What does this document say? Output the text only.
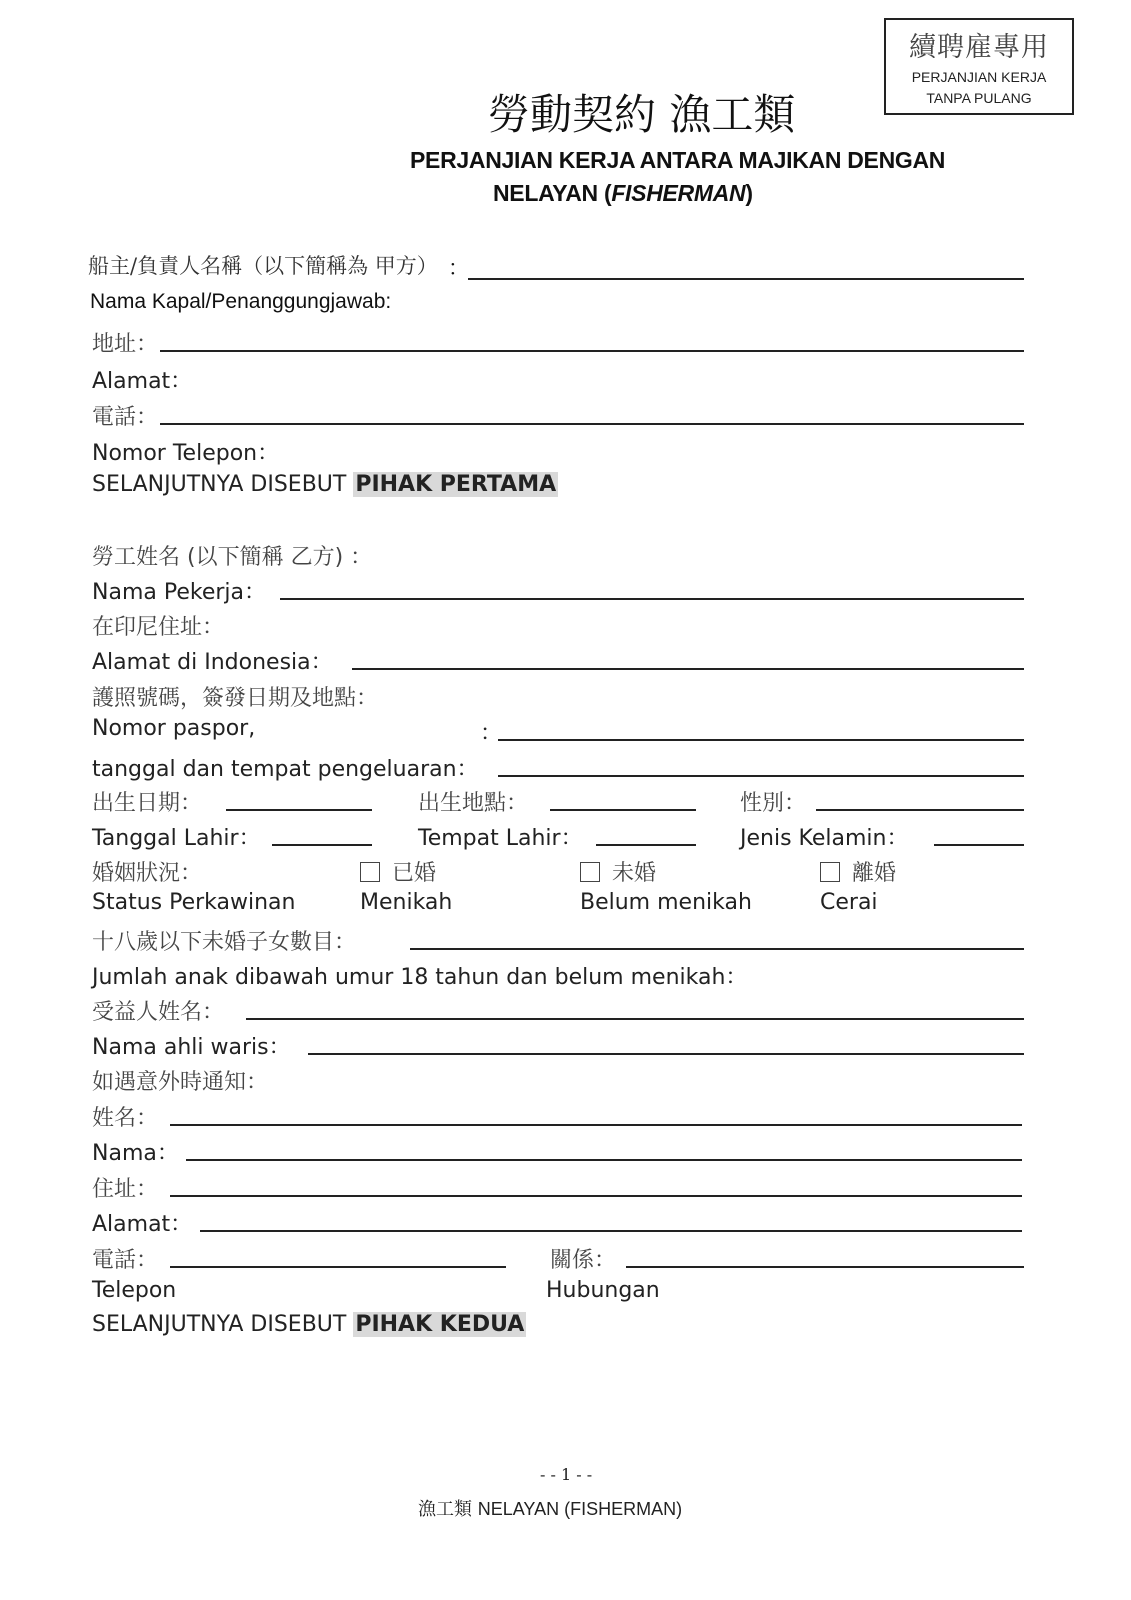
續聘雇專用
PERJANJIAN KERJA
TANPA PULANG
勞動契約 漁工類
PERJANJIAN KERJA ANTARA MAJIKAN DENGAN
NELAYAN (FISHERMAN)
船主/負責人名稱（以下簡稱為 甲方） ：
Nama Kapal/Penanggungjawab:
地址：
Alamat：
電話：
Nomor Telepon：
SELANJUTNYA DISEBUT PIHAK PERTAMA
勞工姓名 (以下簡稱 乙方) ：
Nama Pekerja：
在印尼住址：
Alamat di Indonesia：
護照號碼，簽發日期及地點：
Nomor paspor,	：
tanggal dan tempat pengeluaran：
出生日期：	出生地點：	性別：
Tanggal Lahir：	Tempat Lahir：	Jenis Kelamin：
婚姻狀況：	已婚	未婚	離婚
Status Perkawinan	Menikah	Belum menikah	Cerai
十八歲以下未婚子女數目：
Jumlah anak dibawah umur 18 tahun dan belum menikah：
受益人姓名：
Nama ahli waris：
如遇意外時通知：
姓名：
Nama：
住址：
Alamat：
電話：	關係：
Telepon	Hubungan
SELANJUTNYA DISEBUT PIHAK KEDUA
- - 1 - -
漁工類 NELAYAN (FISHERMAN)
